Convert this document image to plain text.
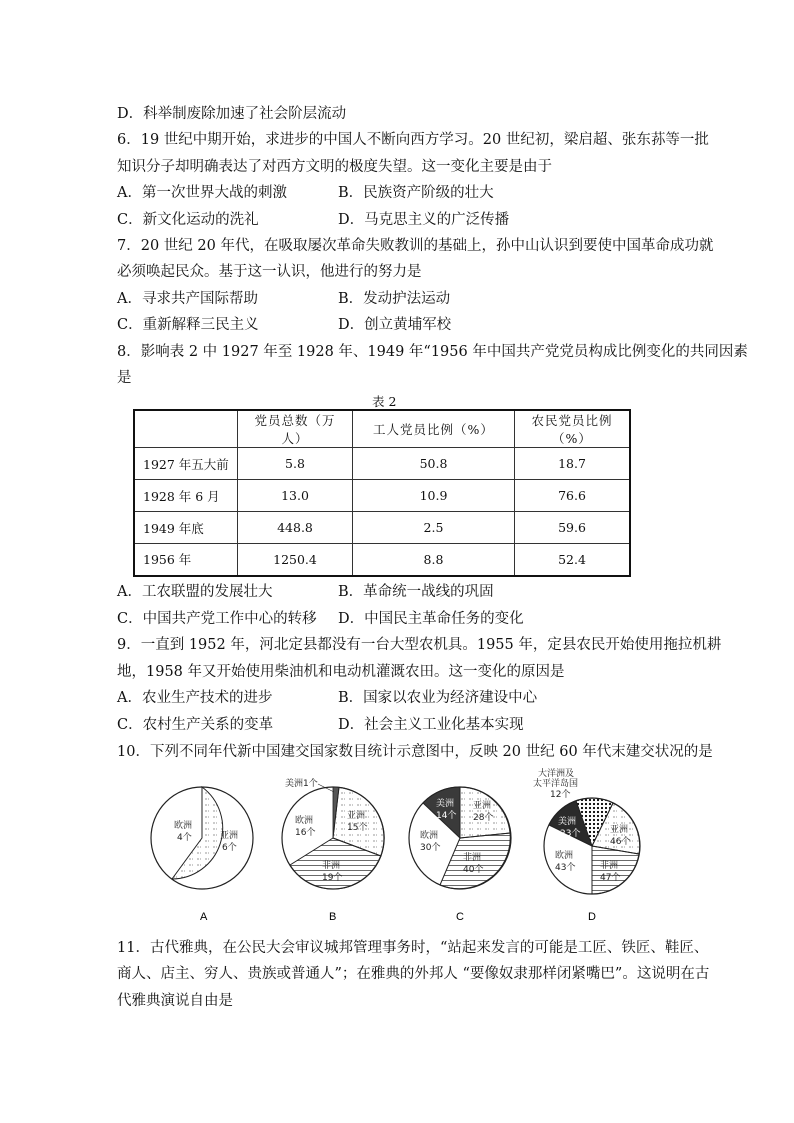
D．科举制废除加速了社会阶层流动
6．19 世纪中期开始，求进步的中国人不断向西方学习。20 世纪初，梁启超、张东荪等一批
知识分子却明确表达了对西方文明的极度失望。这一变化主要是由于
A．第一次世界大战的刺激	B．民族资产阶级的壮大
C．新文化运动的洗礼	D．马克思主义的广泛传播
7．20 世纪 20 年代，在吸取屡次革命失败教训的基础上，孙中山认识到要使中国革命成功就
必须唤起民众。基于这一认识，他进行的努力是
A．寻求共产国际帮助	B．发动护法运动
C．重新解释三民主义	D．创立黄埔军校
8．影响表 2 中 1927 年至 1928 年、1949 年“1956 年中国共产党党员构成比例变化的共同因素
是
表 2
	党员总数（万人）	工人党员比例（%）	农民党员比例（%）
1927 年五大前	5.8	50.8	18.7
1928 年 6 月	13.0	10.9	76.6
1949 年底	448.8	2.5	59.6
1956 年	1250.4	8.8	52.4
A．工农联盟的发展壮大	B．革命统一战线的巩固
C．中国共产党工作中心的转移 D．中国民主革命任务的变化
9．一直到 1952 年，河北定县都没有一台大型农机具。1955 年，定县农民开始使用拖拉机耕
地，1958 年又开始使用柴油机和电动机灌溉农田。这一变化的原因是
A．农业生产技术的进步	B．国家以农业为经济建设中心
C．农村生产关系的变革	D．社会主义工业化基本实现
10．下列不同年代新中国建交国家数目统计示意图中，反映 20 世纪 60 年代末建交状况的是
欧洲
4个	亚洲
6个
A
美洲1个
欧洲
16个
亚洲
15个
非洲
19个
B
美洲
14个
亚洲
28个
欧洲
30个
非洲
40个
C
大洋洲及
太平洋岛国
12个
美洲
23个	亚洲
46个
欧洲
43个	非洲
47个
D
11．古代雅典，在公民大会审议城邦管理事务时，“站起来发言的可能是工匠、铁匠、鞋匠、
商人、店主、穷人、贵族或普通人”；在雅典的外邦人 “要像奴隶那样闭紧嘴巴”。这说明在古
代雅典演说自由是
